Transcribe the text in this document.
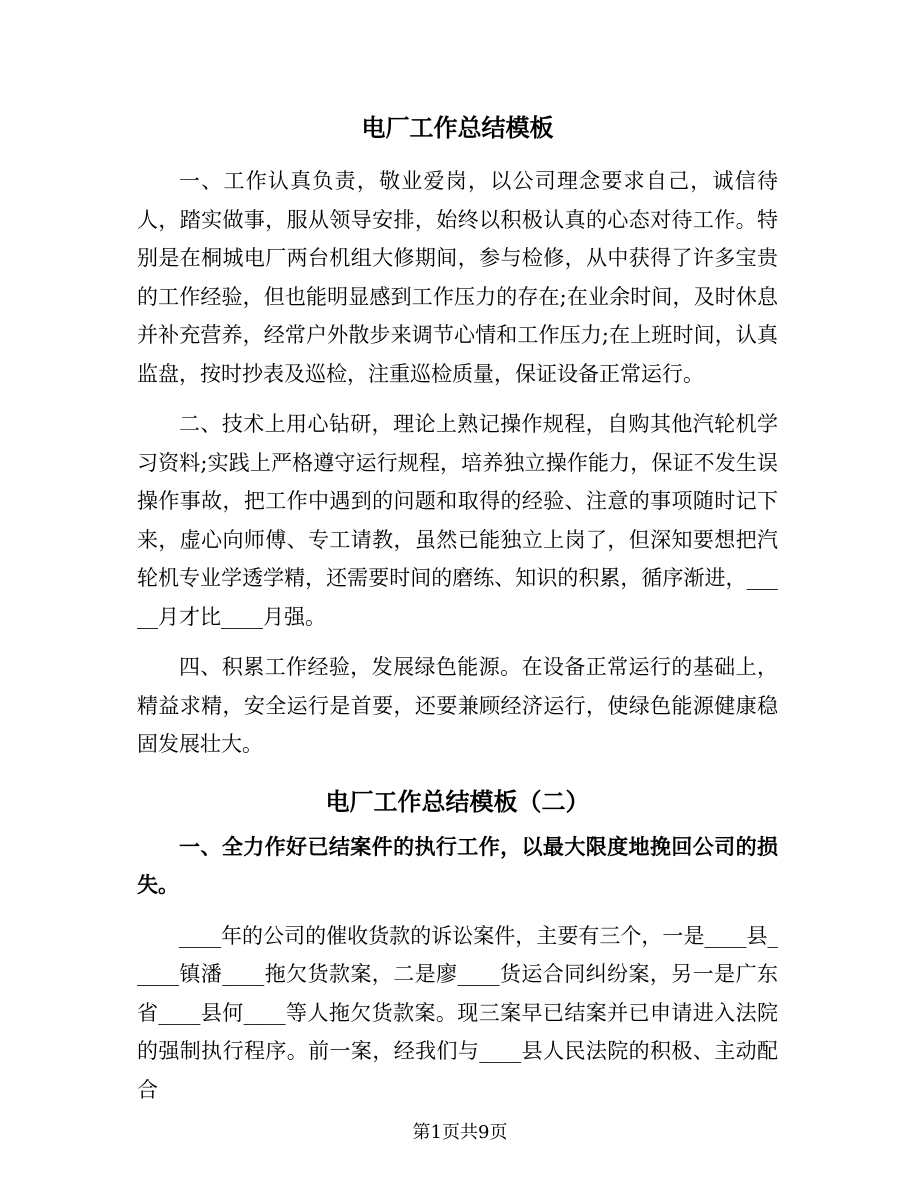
电厂工作总结模板

一、工作认真负责，敬业爱岗，以公司理念要求自己，诚信待人，踏实做事，服从领导安排，始终以积极认真的心态对待工作。特别是在桐城电厂两台机组大修期间，参与检修，从中获得了许多宝贵的工作经验，但也能明显感到工作压力的存在;在业余时间，及时休息并补充营养，经常户外散步来调节心情和工作压力;在上班时间，认真监盘，按时抄表及巡检，注重巡检质量，保证设备正常运行。

二、技术上用心钻研，理论上熟记操作规程，自购其他汽轮机学习资料;实践上严格遵守运行规程，培养独立操作能力，保证不发生误操作事故，把工作中遇到的问题和取得的经验、注意的事项随时记下来，虚心向师傅、专工请教，虽然已能独立上岗了，但深知要想把汽轮机专业学透学精，还需要时间的磨练、知识的积累，循序渐进，_____月才比____月强。

四、积累工作经验，发展绿色能源。在设备正常运行的基础上，精益求精，安全运行是首要，还要兼顾经济运行，使绿色能源健康稳固发展壮大。

电厂工作总结模板（二）

一、全力作好已结案件的执行工作，以最大限度地挽回公司的损失。

____年的公司的催收货款的诉讼案件，主要有三个，一是____县_____镇潘____拖欠货款案，二是廖____货运合同纠纷案，另一是广东省____县何____等人拖欠货款案。现三案早已结案并已申请进入法院的强制执行程序。前一案，经我们与____县人民法院的积极、主动配合

第1页共9页
